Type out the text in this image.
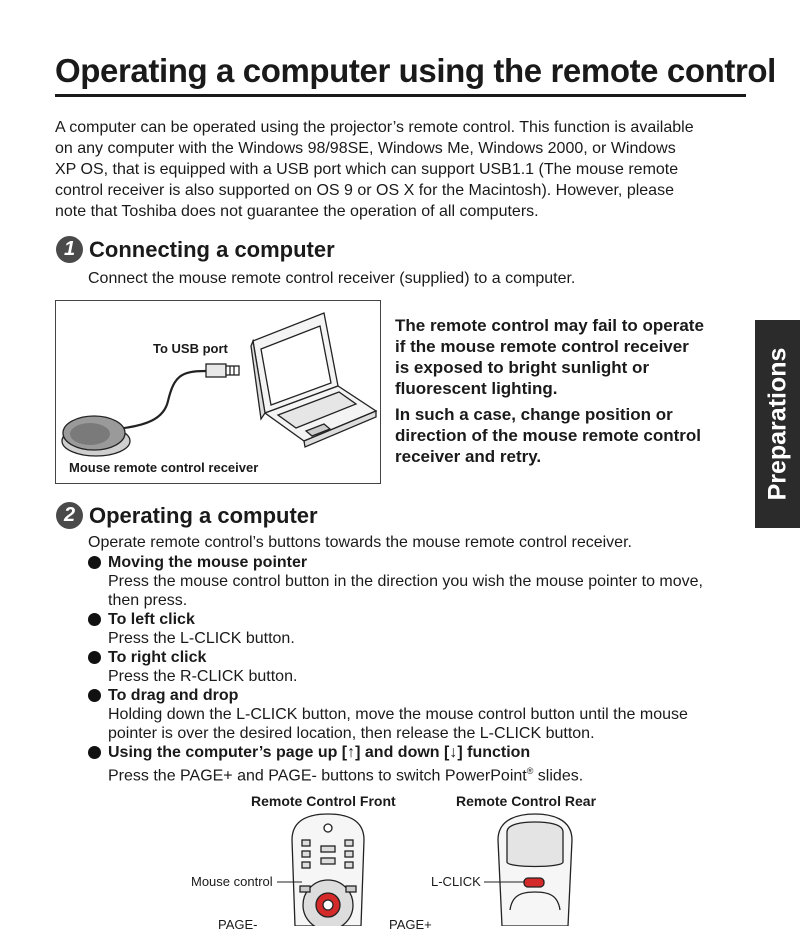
Operating a computer using the remote control
A computer can be operated using the projector’s remote control. This function is available
on any computer with the Windows 98/98SE, Windows Me, Windows 2000, or Windows
XP OS, that is equipped with a USB port which can support USB1.1 (The mouse remote
control receiver is also supported on OS 9 or OS X for the Macintosh). However, please
note that Toshiba does not guarantee the operation of all computers.
1 Connecting a computer
Connect the mouse remote control receiver (supplied) to a computer.
To USB port
Mouse remote control receiver
The remote control may fail to operate
if the mouse remote control receiver
is exposed to bright sunlight or
fluorescent lighting.
In such a case, change position or
direction of the mouse remote control
receiver and retry.	Preparations
2 Operating a computer
Operate remote control’s buttons towards the mouse remote control receiver.
Moving the mouse pointer
Press the mouse control button in the direction you wish the mouse pointer to move,
then press.
To left click
Press the L-CLICK button.
To right click
Press the R-CLICK button.
To drag and drop
Holding down the L-CLICK button, move the mouse control button until the mouse
pointer is over the desired location, then release the L-CLICK button.
Using the computer’s page up [↑] and down [↓] function
Press the PAGE+ and PAGE- buttons to switch PowerPoint® slides.
Remote Control Front	Remote Control Rear
Mouse control	L-CLICK
PAGE-	PAGE+
